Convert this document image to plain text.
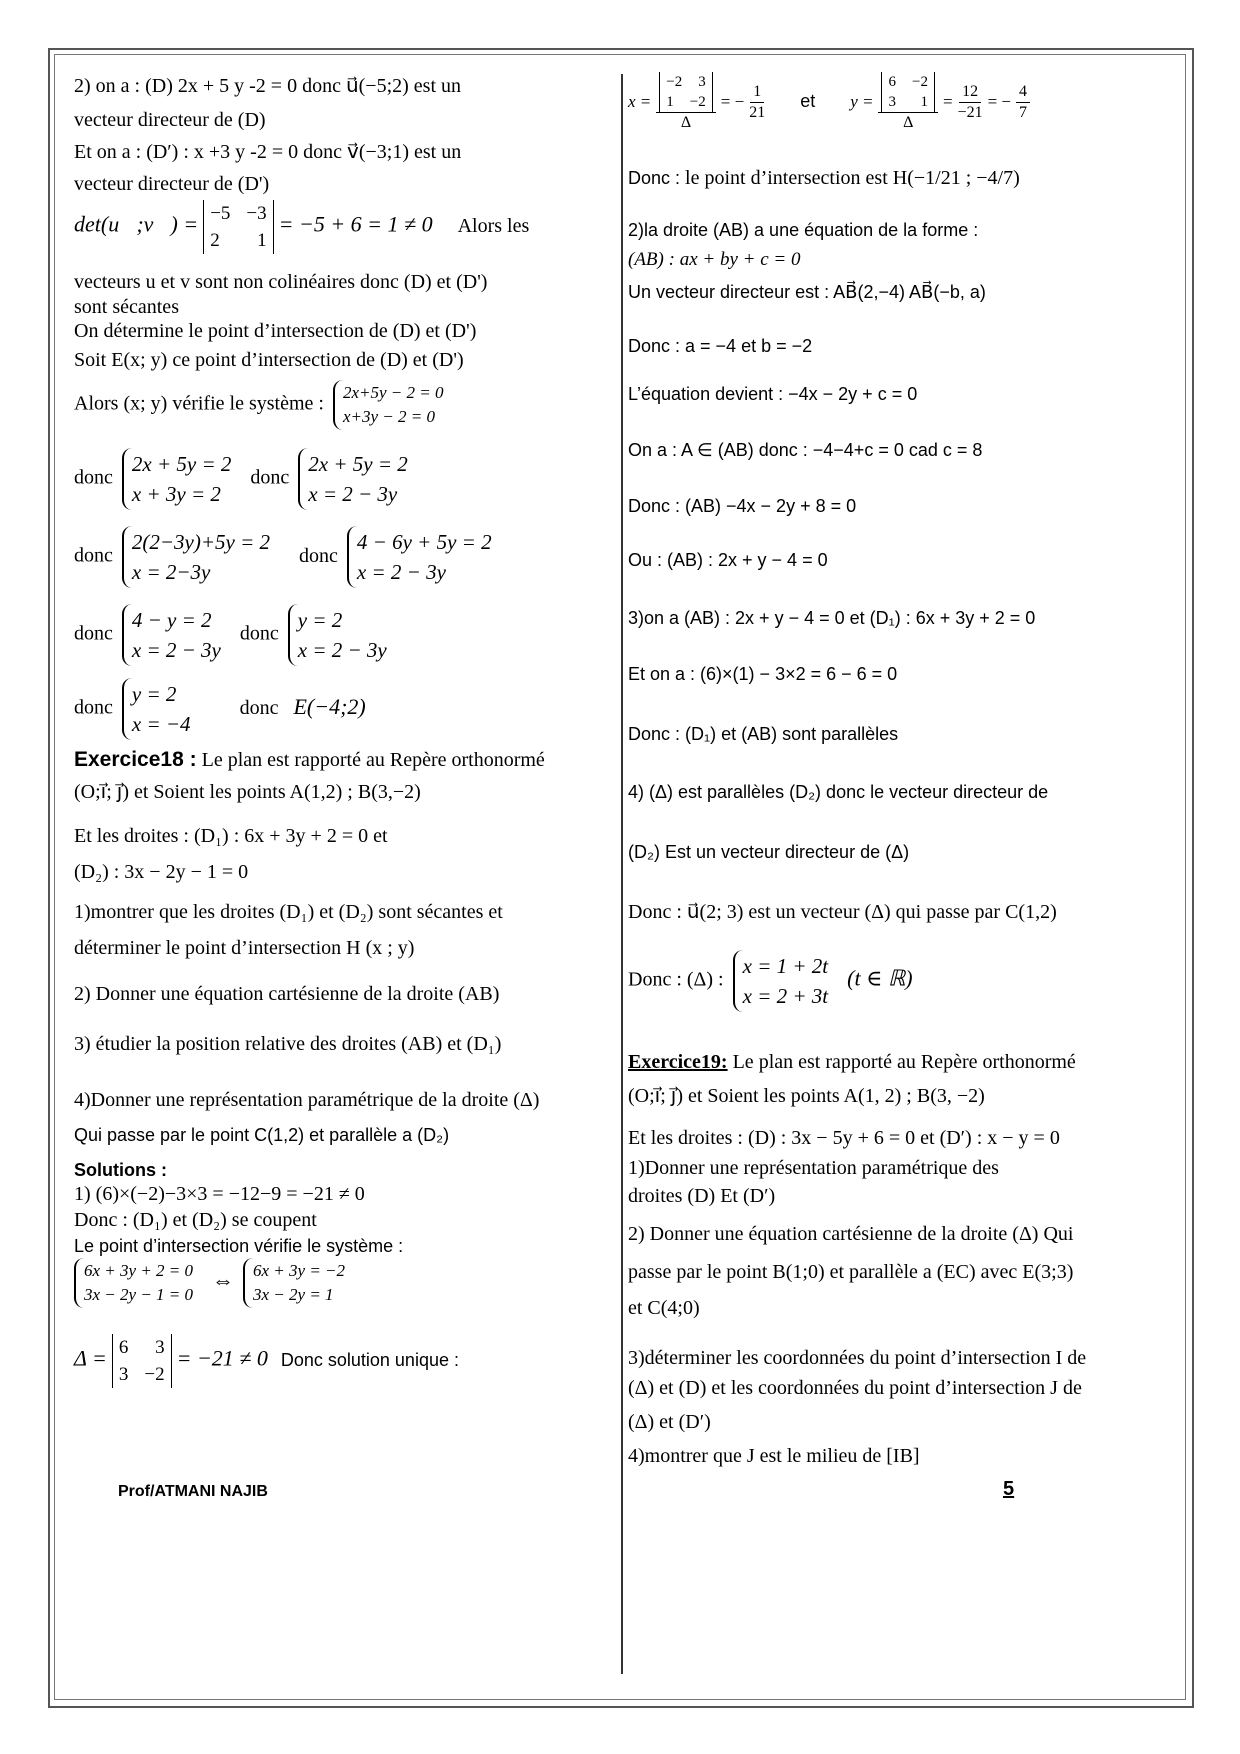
2) on a : (D) 2x + 5 y -2 = 0 donc u⃗(−5;2) est un
vecteur directeur de (D)
Et on a : (D′) : x +3 y -2 = 0 donc v⃗(−3;1) est un
vecteur directeur de (D')
det(u⃗;v⃗) = −5 −3
2 1
= −5 + 6 = 1 ≠ 0 Alors les
vecteurs u et v sont non colinéaires donc (D) et (D')
sont sécantes
On détermine le point d’intersection de (D) et (D')
Soit E(x; y) ce point d’intersection de (D) et (D')
Alors (x; y) vérifie le système :
2x+5y − 2 = 0
x+3y − 2 = 0
donc
2x + 5y = 2
x + 3y = 2
donc
2x + 5y = 2
x = 2 − 3y
donc
2(2−3y)+5y = 2
x = 2−3y
donc
4 − 6y + 5y = 2
x = 2 − 3y
donc
4 − y = 2
x = 2 − 3y
donc
y = 2
x = 2 − 3y
donc
y = 2
x = −4
donc E(−4;2)
Exercice18 : Le plan est rapporté au Repère orthonormé
(O;i⃗; j⃗) et Soient les points A(1,2) ; B(3,−2)
Et les droites : (D₁) : 6x + 3y + 2 = 0 et
(D₂) : 3x − 2y − 1 = 0
1)montrer que les droites (D₁) et (D₂) sont sécantes et
déterminer le point d’intersection H (x ; y)
2) Donner une équation cartésienne de la droite (AB)
3) étudier la position relative des droites (AB) et (D₁)
4)Donner une représentation paramétrique de la droite (Δ)
Qui passe par le point C(1,2) et parallèle a (D₂)
Solutions :
1) (6)×(−2)−3×3 = −12−9 = −21 ≠ 0
Donc : (D₁) et (D₂) se coupent
Le point d’intersection vérifie le système :
6x + 3y + 2 = 0
3x − 2y − 1 = 0
⇔ 6x + 3y = −2
3x − 2y = 1
Δ = 6 3
3 −2
= −21 ≠ 0 Donc solution unique :
x = −2 3
1 −2
Δ = − $\frac{1}{21}$ et y = 6 −2
3 1
$\Delta = \frac{12}{-21}$ = − $\frac{4}{7}$
Donc : le point d’intersection est H(−1/21 ; −4/7)
2)la droite (AB) a une équation de la forme :
(AB) : ax + by + c = 0
Un vecteur directeur est : AB⃗(2,−4) AB⃗(−b, a)
Donc : a = −4 et b = −2
L’équation devient : −4x − 2y + c = 0
On a : A ∈ (AB) donc : −4−4+c = 0 cad c = 8
Donc : (AB) −4x − 2y + 8 = 0
Ou : (AB) : 2x + y − 4 = 0
3)on a (AB) : 2x + y − 4 = 0 et (D₁) : 6x + 3y + 2 = 0
Et on a : (6)×(1) − 3×2 = 6 − 6 = 0
Donc : (D₁) et (AB) sont parallèles
4) (Δ) est parallèles (D₂) donc le vecteur directeur de
(D₂) Est un vecteur directeur de (Δ)
Donc : u⃗(2; 3) est un vecteur (Δ) qui passe par C(1,2)
Donc : (Δ) :
x = 1 + 2t
x = 2 + 3t
(t ∈ ℝ)
Exercice19: Le plan est rapporté au Repère orthonormé
(O;i⃗; j⃗) et Soient les points A(1, 2) ; B(3, −2)
Et les droites : (D) : 3x − 5y + 6 = 0 et (D′) : x − y = 0
1)Donner une représentation paramétrique des
droites (D) Et (D′)
2) Donner une équation cartésienne de la droite (Δ) Qui
passe par le point B(1;0) et parallèle a (EC) avec E(3;3)
et C(4;0)
3)déterminer les coordonnées du point d’intersection I de
(Δ) et (D) et les coordonnées du point d’intersection J de
(Δ) et (D′)
4)montrer que J est le milieu de [IB]
Prof/ATMANI NAJIB	5
